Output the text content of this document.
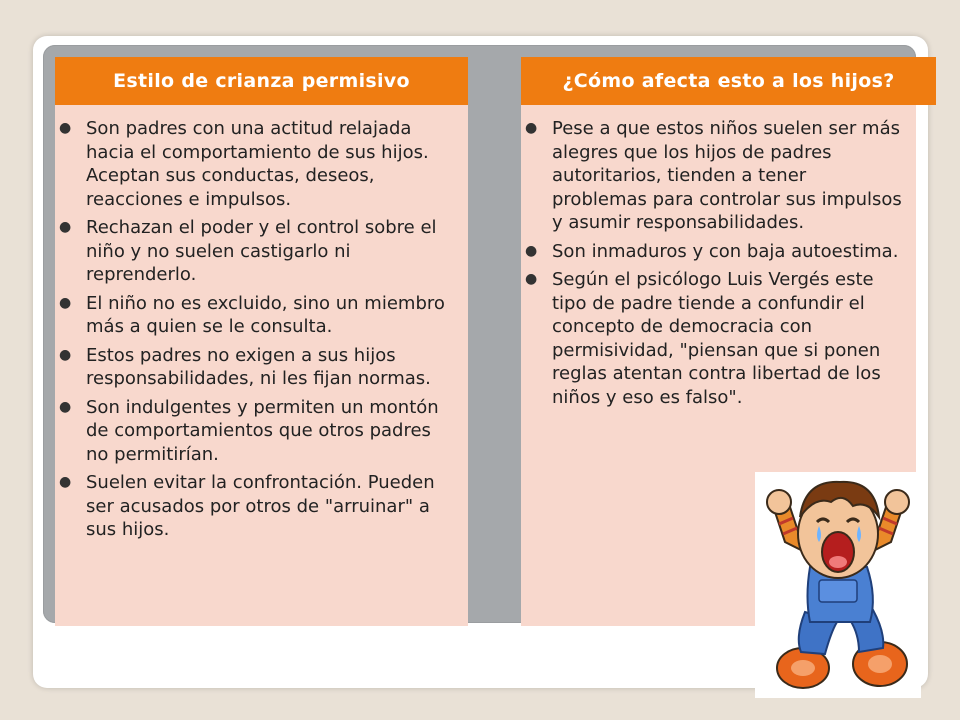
Estilo de crianza permisivo
● Son padres con una actitud relajada hacia el comportamiento de sus hijos. Aceptan sus conductas, deseos, reacciones e impulsos.
● Rechazan el poder y el control sobre el niño y no suelen castigarlo ni reprenderlo.
● El niño no es excluido, sino un miembro más a quien se le consulta.
● Estos padres no exigen a sus hijos responsabilidades, ni les fijan normas.
● Son indulgentes y permiten un montón de comportamientos que otros padres no permitirían.
● Suelen evitar la confrontación. Pueden ser acusados por otros de "arruinar" a sus hijos.
¿Cómo afecta esto a los hijos?
● Pese a que estos niños suelen ser más alegres que los hijos de padres autoritarios, tienden a tener problemas para controlar sus impulsos y asumir responsabilidades.
● Son inmaduros y con baja autoestima.
● Según el psicólogo Luis Vergés este tipo de padre tiende a confundir el concepto de democracia con permisividad, "piensan que si ponen reglas atentan contra libertad de los niños y eso es falso".
